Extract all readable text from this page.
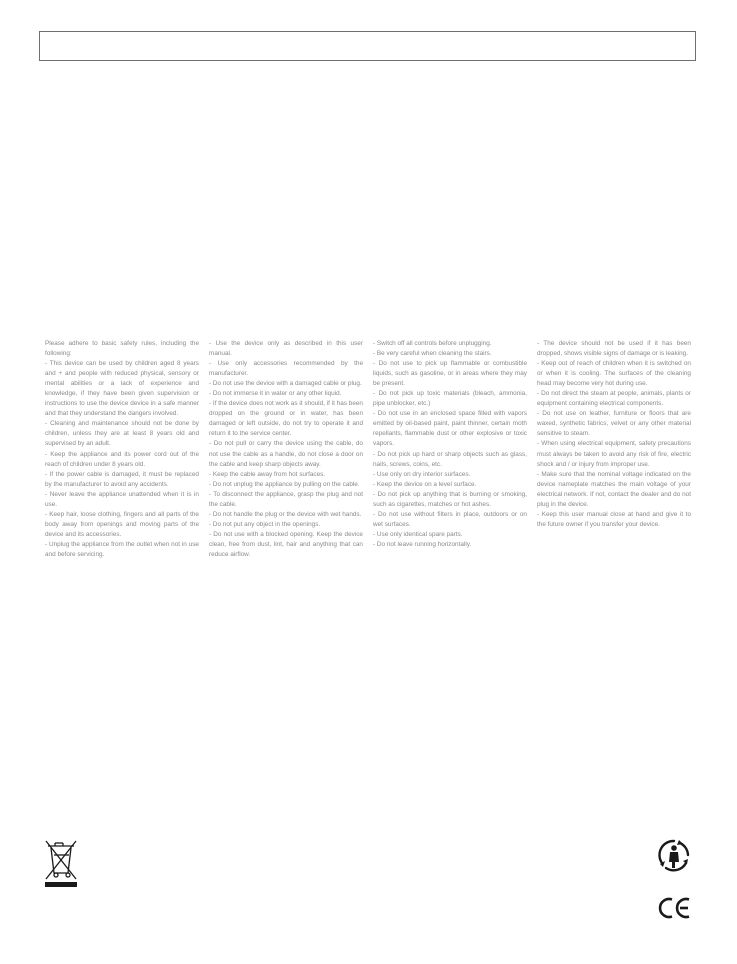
Please adhere to basic safety rules, including the following:

- This device can be used by children aged 8 years and + and people with reduced physical, sensory or mental abilities or a lack of experience and knowledge, if they have been given supervision or instructions to use the device device in a safe manner and that they understand the dangers involved.

- Cleaning and maintenance should not be done by children, unless they are at least 8 years old and supervised by an adult.

- Keep the appliance and its power cord out of the reach of children under 8 years old.

- If the power cable is damaged, it must be replaced by the manufacturer to avoid any accidents.

- Never leave the appliance unattended when it is in use.

- Keep hair, loose clothing, fingers and all parts of the body away from openings and moving parts of the device and its accessories.

- Unplug the appliance from the outlet when not in use and before servicing.

- Use the device only as described in this user manual.

- Use only accessories recommended by the manufacturer.

- Do not use the device with a damaged cable or plug.

- Do not immerse it in water or any other liquid.

- If the device does not work as it should, if it has been dropped on the ground or in water, has been damaged or left outside, do not try to operate it and return it to the service center.

- Do not pull or carry the device using the cable, do not use the cable as a handle, do not close a door on the cable and keep sharp objects away.

- Keep the cable away from hot surfaces.

- Do not unplug the appliance by pulling on the cable.

- To disconnect the appliance, grasp the plug and not the cable.

- Do not handle the plug or the device with wet hands.

- Do not put any object in the openings.

- Do not use with a blocked opening. Keep the device clean, free from dust, lint, hair and anything that can reduce airflow.

- Switch off all controls before unplugging.

- Be very careful when cleaning the stairs.

- Do not use to pick up flammable or combustible liquids, such as gasoline, or in areas where they may be present.

- Do not pick up toxic materials (bleach, ammonia, pipe unblocker, etc.)

- Do not use in an enclosed space filled with vapors emitted by oil-based paint, paint thinner, certain moth repellants, flammable dust or other explosive or toxic vapors.

- Do not pick up hard or sharp objects such as glass, nails, screws, coins, etc.

- Use only on dry interior surfaces.

- Keep the device on a level surface.

- Do not pick up anything that is burning or smoking, such as cigarettes, matches or hot ashes.

- Do not use without filters in place, outdoors or on wet surfaces.

- Use only identical spare parts.

- Do not leave running horizontally.

- The device should not be used if it has been dropped, shows visible signs of damage or is leaking.

- Keep out of reach of children when it is switched on or when it is cooling. The surfaces of the cleaning head may become very hot during use.

- Do not direct the steam at people, animals, plants or equipment containing electrical components.

- Do not use on leather, furniture or floors that are waxed, synthetic fabrics, velvet or any other material sensitive to steam.

- When using electrical equipment, safety precautions must always be taken to avoid any risk of fire, electric shock and / or injury from improper use.

- Make sure that the nominal voltage indicated on the device nameplate matches the main voltage of your electrical network. If not, contact the dealer and do not plug in the device.

- Keep this user manual close at hand and give it to the future owner if you transfer your device.
